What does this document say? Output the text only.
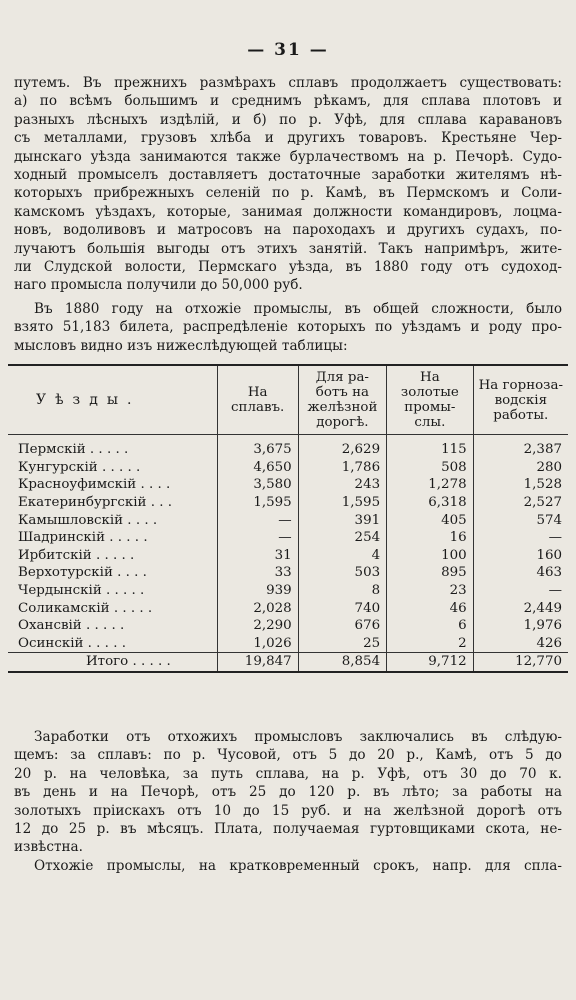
— 31 —
путемъ. Въ прежнихъ размѣрахъ сплавъ продолжаетъ существовать:
а) по всѣмъ большимъ и среднимъ рѣкамъ, для сплава плотовъ и
разныхъ лѣсныхъ издѣлій, и б) по р. Уфѣ, для сплава каравановъ
съ металлами, грузовъ хлѣба и другихъ товаровъ. Крестьяне Чер-
дынскаго уѣзда занимаются также бурлачествомъ на р. Печорѣ. Судо-
ходный промыселъ доставляетъ достаточные заработки жителямъ нѣ-
которыхъ прибрежныхъ селеній по р. Камѣ, въ Пермскомъ и Соли-
камскомъ уѣздахъ, которые, занимая должности командировъ, лоцма-
новъ, водоливовъ и матросовъ на пароходахъ и другихъ судахъ, по-
лучаютъ большія выгоды отъ этихъ занятій. Такъ напримѣръ, жите-
ли Слудской волости, Пермскаго уѣзда, въ 1880 году отъ судоход-
наго промысла получили до 50,000 руб.
Въ 1880 году на отхожіе промыслы, въ общей сложности, было
взято 51,183 билета, распредѣленіе которыхъ по уѣздамъ и роду про-
мысловъ видно изъ нижеслѣдующей таблицы:
Уѣзды.	На сплавъ.	Для ра- ботъ на желѣзной дорогѣ.	На золотые промы- слы.	На горноза- водскія работы.
Пермскій . . . . .	3,675	2,629	115	2,387
Кунгурскій . . . . .	4,650	1,786	508	280
Красноуфимскій . . . .	3,580	243	1,278	1,528
Екатеринбургскій . . .	1,595	1,595	6,318	2,527
Камышловскій . . . .	—	391	405	574
Шадринскій . . . . .	—	254	16	—
Ирбитскій . . . . .	31	4	100	160
Верхотурскій . . . .	33	503	895	463
Чердынскій . . . . .	939	8	23	—
Соликамскій . . . . .	2,028	740	46	2,449
Охансвій . . . . .	2,290	676	6	1,976
Осинскій . . . . .	1,026	25	2	426
Итого . . . . .	19,847	8,854	9,712	12,770
Заработки отъ отхожихъ промысловъ заключались въ слѣдую-
щемъ: за сплавъ: по р. Чусовой, отъ 5 до 20 р., Камѣ, отъ 5 до
20 р. на человѣка, за путь сплава, на р. Уфѣ, отъ 30 до 70 к.
въ день и на Печорѣ, отъ 25 до 120 р. въ лѣто; за работы на
золотыхъ пріискахъ отъ 10 до 15 руб. и на желѣзной дорогѣ отъ
12 до 25 р. въ мѣсяцъ. Плата, получаемая гуртовщиками скота, не-
извѣстна.
Отхожіе промыслы, на кратковременный срокъ, напр. для спла-
